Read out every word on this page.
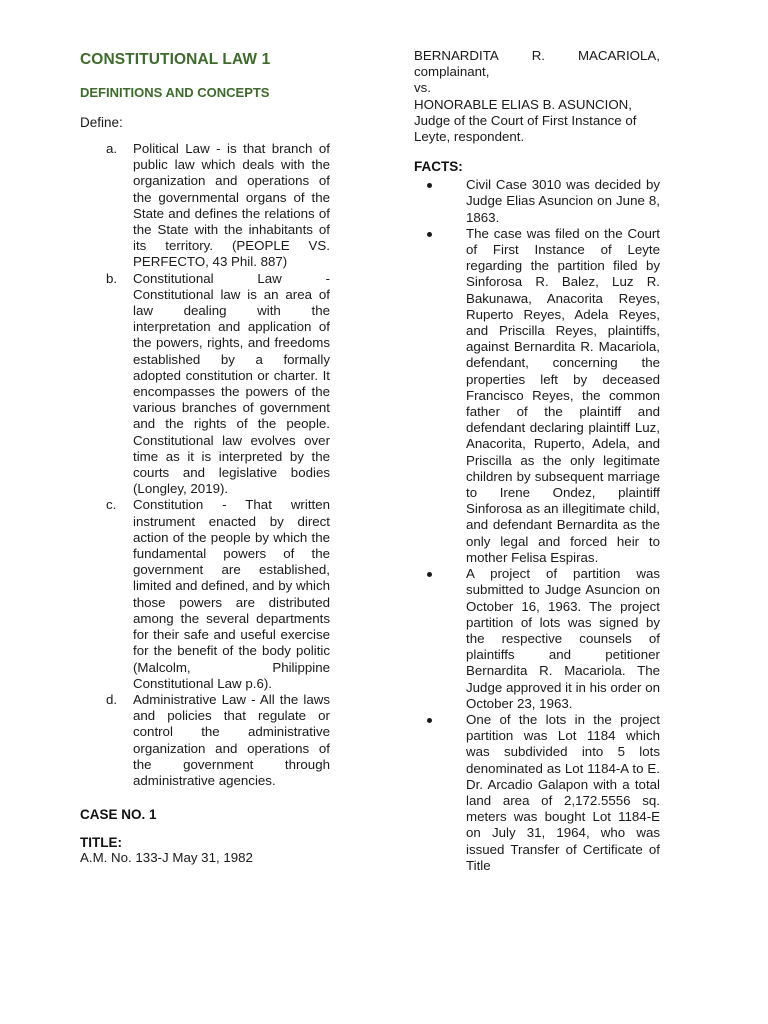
CONSTITUTIONAL LAW 1
DEFINITIONS AND CONCEPTS
Define:
a. Political Law - is that branch of public law which deals with the organization and operations of the governmental organs of the State and defines the relations of the State with the inhabitants of its territory. (PEOPLE VS. PERFECTO, 43 Phil. 887)
b. Constitutional Law - Constitutional law is an area of law dealing with the interpretation and application of the powers, rights, and freedoms established by a formally adopted constitution or charter. It encompasses the powers of the various branches of government and the rights of the people. Constitutional law evolves over time as it is interpreted by the courts and legislative bodies (Longley, 2019).
c. Constitution - That written instrument enacted by direct action of the people by which the fundamental powers of the government are established, limited and defined, and by which those powers are distributed among the several departments for their safe and useful exercise for the benefit of the body politic (Malcolm, Philippine Constitutional Law p.6).
d. Administrative Law - All the laws and policies that regulate or control the administrative organization and operations of the government through administrative agencies.
CASE NO. 1
TITLE:
A.M. No. 133-J May 31, 1982
BERNARDITA R. MACARIOLA,
complainant,
vs.
HONORABLE ELIAS B. ASUNCION,
Judge of the Court of First Instance of Leyte, respondent.
FACTS:
Civil Case 3010 was decided by Judge Elias Asuncion on June 8, 1863.
The case was filed on the Court of First Instance of Leyte regarding the partition filed by Sinforosa R. Balez, Luz R. Bakunawa, Anacorita Reyes, Ruperto Reyes, Adela Reyes, and Priscilla Reyes, plaintiffs, against Bernardita R. Macariola, defendant, concerning the properties left by deceased Francisco Reyes, the common father of the plaintiff and defendant declaring plaintiff Luz, Anacorita, Ruperto, Adela, and Priscilla as the only legitimate children by subsequent marriage to Irene Ondez, plaintiff Sinforosa as an illegitimate child, and defendant Bernardita as the only legal and forced heir to mother Felisa Espiras.
A project of partition was submitted to Judge Asuncion on October 16, 1963. The project partition of lots was signed by the respective counsels of plaintiffs and petitioner Bernardita R. Macariola. The Judge approved it in his order on October 23, 1963.
One of the lots in the project partition was Lot 1184 which was subdivided into 5 lots denominated as Lot 1184-A to E. Dr. Arcadio Galapon with a total land area of 2,172.5556 sq. meters was bought Lot 1184-E on July 31, 1964, who was issued Transfer of Certificate of Title
